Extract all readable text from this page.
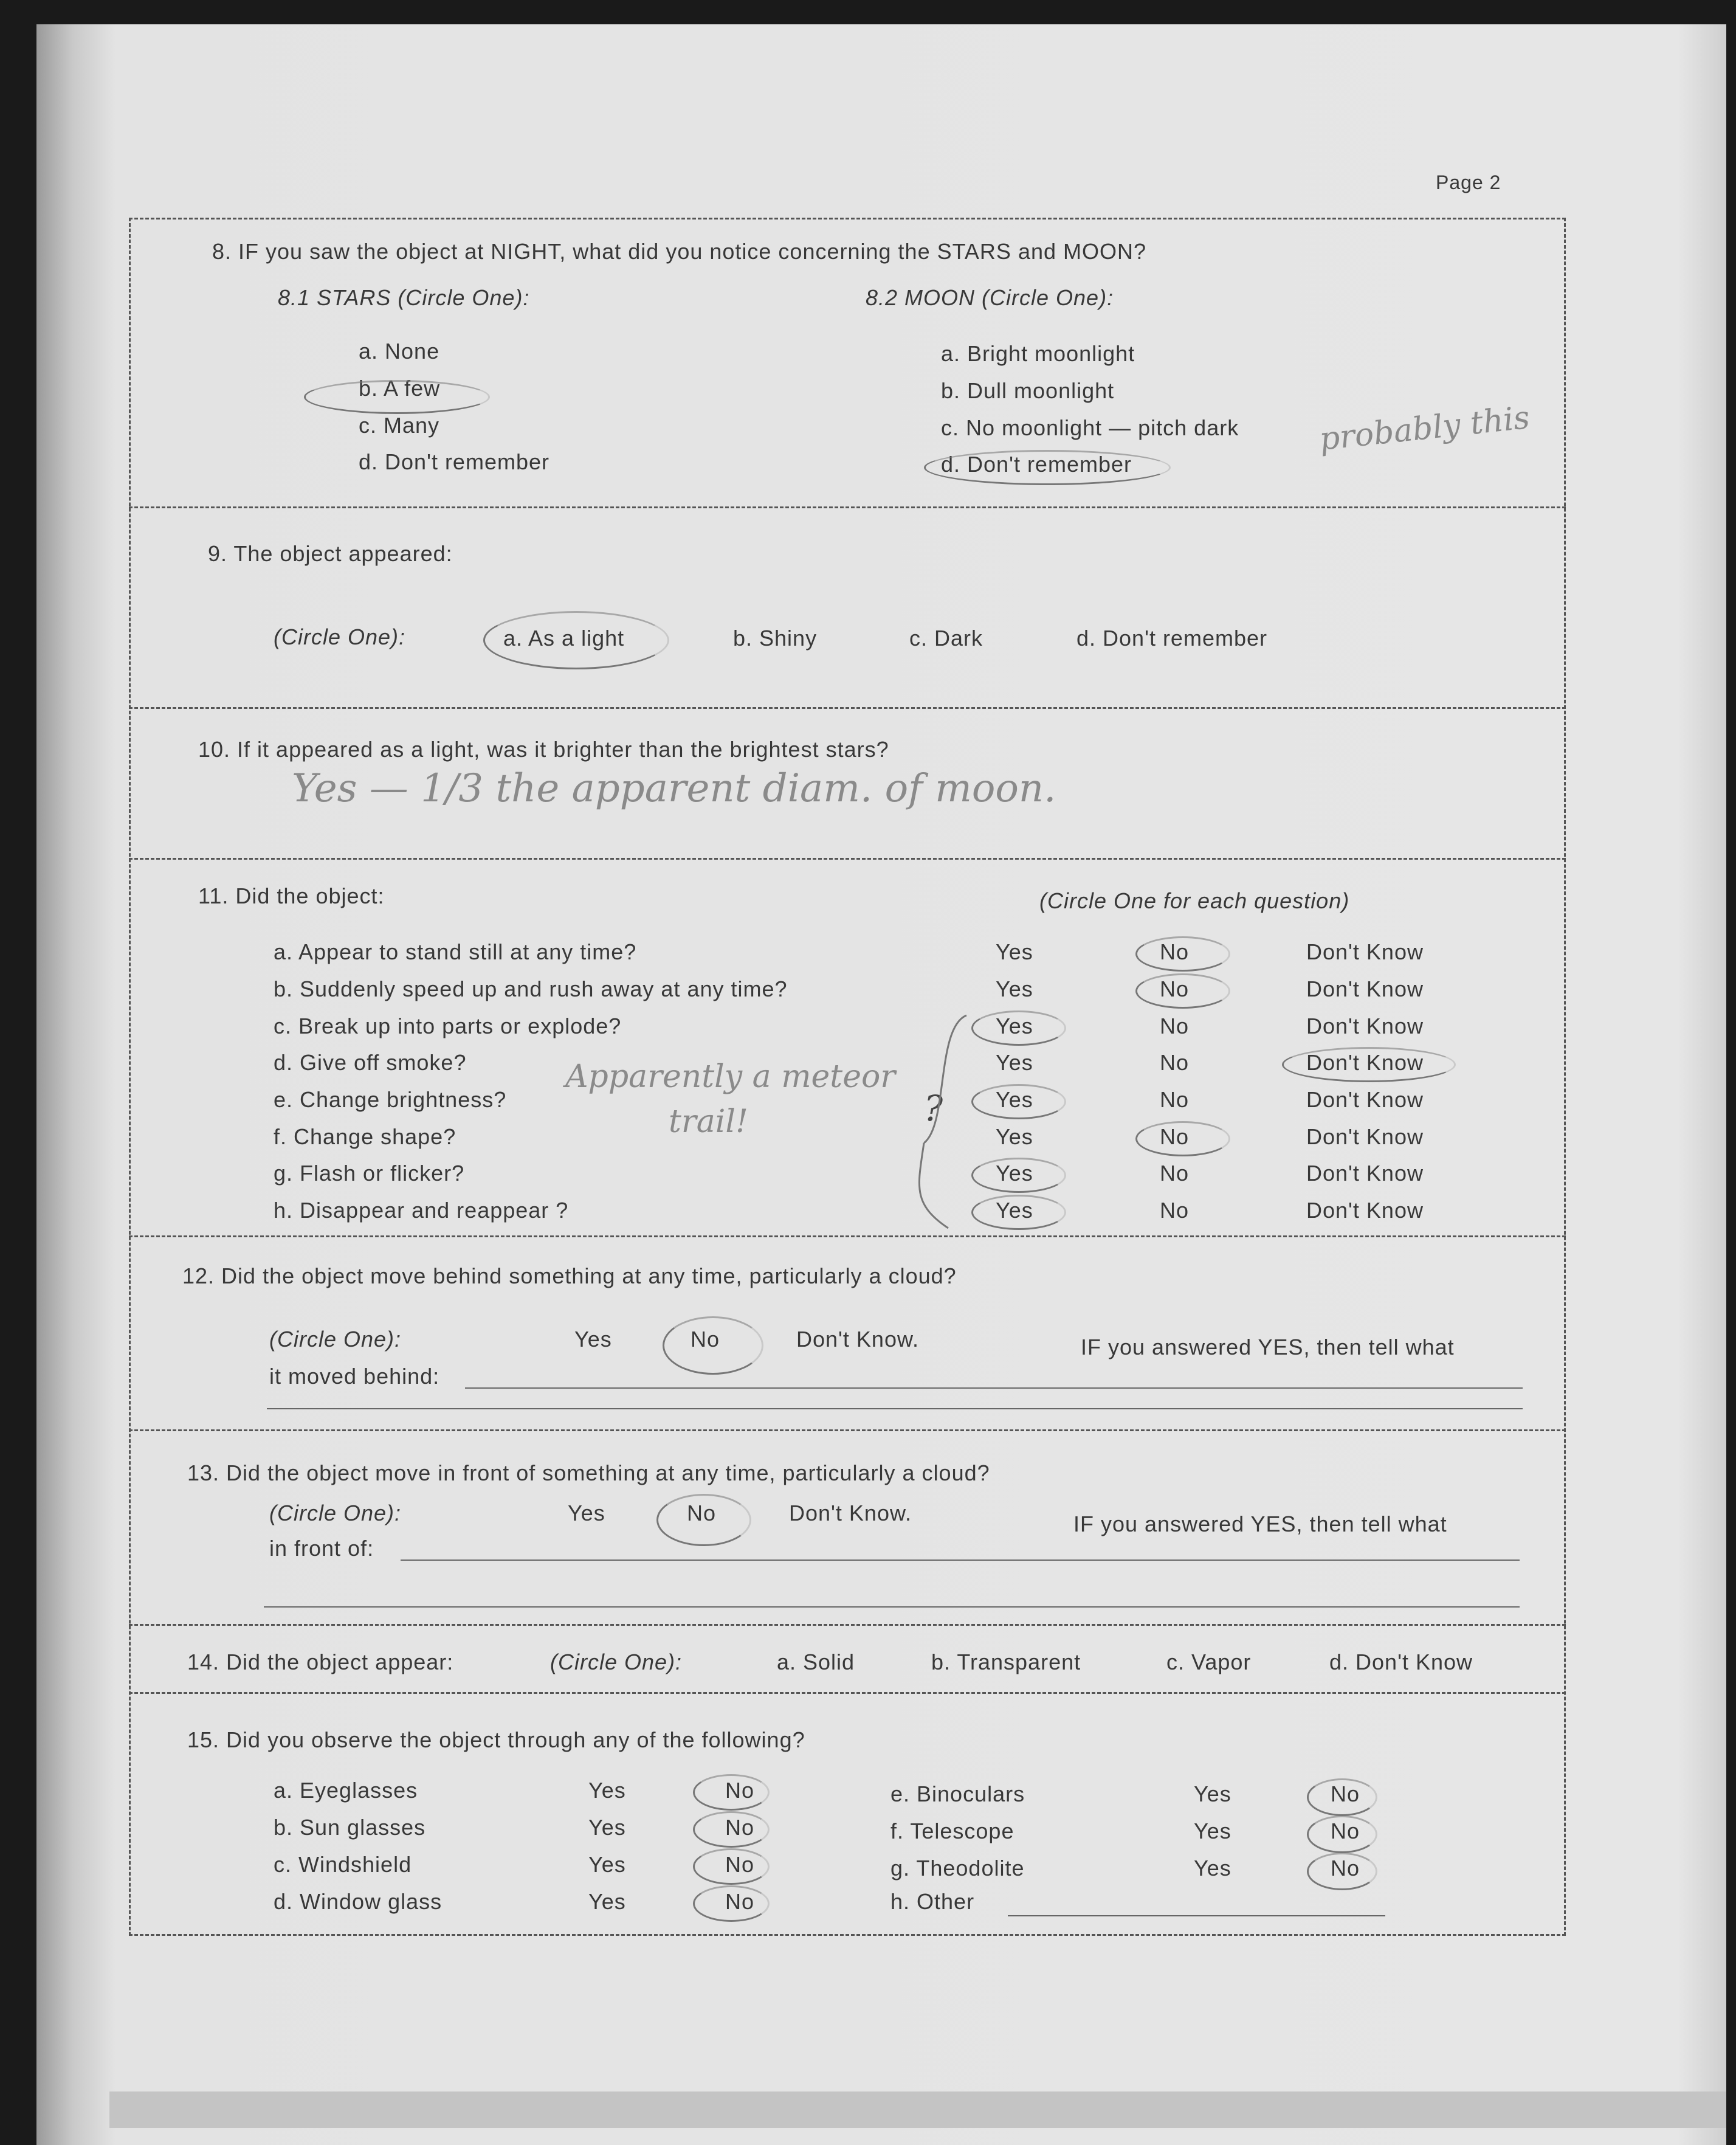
Page 2
8. IF you saw the object at NIGHT, what did you notice concerning the STARS and MOON?
8.1 STARS (Circle One):	8.2 MOON (Circle One):
a. None
b. A few
c. Many
d. Don't remember
a. Bright moonlight
b. Dull moonlight
c. No moonlight — pitch dark
d. Don't remember
probably this
9. The object appeared:
(Circle One):	a. As a light	b. Shiny	c. Dark	d. Don't remember
10. If it appeared as a light, was it brighter than the brightest stars?
Yes — 1/3 the apparent diam. of moon.
11. Did the object:	(Circle One for each question)
a. Appear to stand still at any time?	Yes	No	Don't Know
b. Suddenly speed up and rush away at any time?	Yes	No	Don't Know
c. Break up into parts or explode?	Yes	No	Don't Know
d. Give off smoke?	Yes	No	Don't Know
e. Change brightness?	Yes	No	Don't Know
f. Change shape?	Yes	No	Don't Know
g. Flash or flicker?	Yes	No	Don't Know
h. Disappear and reappear ?	Yes	No	Don't Know
Apparently a meteor
trail!	?
12. Did the object move behind something at any time, particularly a cloud?
(Circle One):	Yes	No	Don't Know.	IF you answered YES, then tell what
it moved behind:
13. Did the object move in front of something at any time, particularly a cloud?
(Circle One):	Yes	No	Don't Know.	IF you answered YES, then tell what
in front of:
14. Did the object appear:	(Circle One):	a. Solid	b. Transparent	c. Vapor	d. Don't Know
15. Did you observe the object through any of the following?
a. Eyeglasses	Yes	No	e. Binoculars	Yes	No
b. Sun glasses	Yes	No	f. Telescope	Yes	No
c. Windshield	Yes	No	g. Theodolite	Yes	No
d. Window glass	Yes	No	h. Other
